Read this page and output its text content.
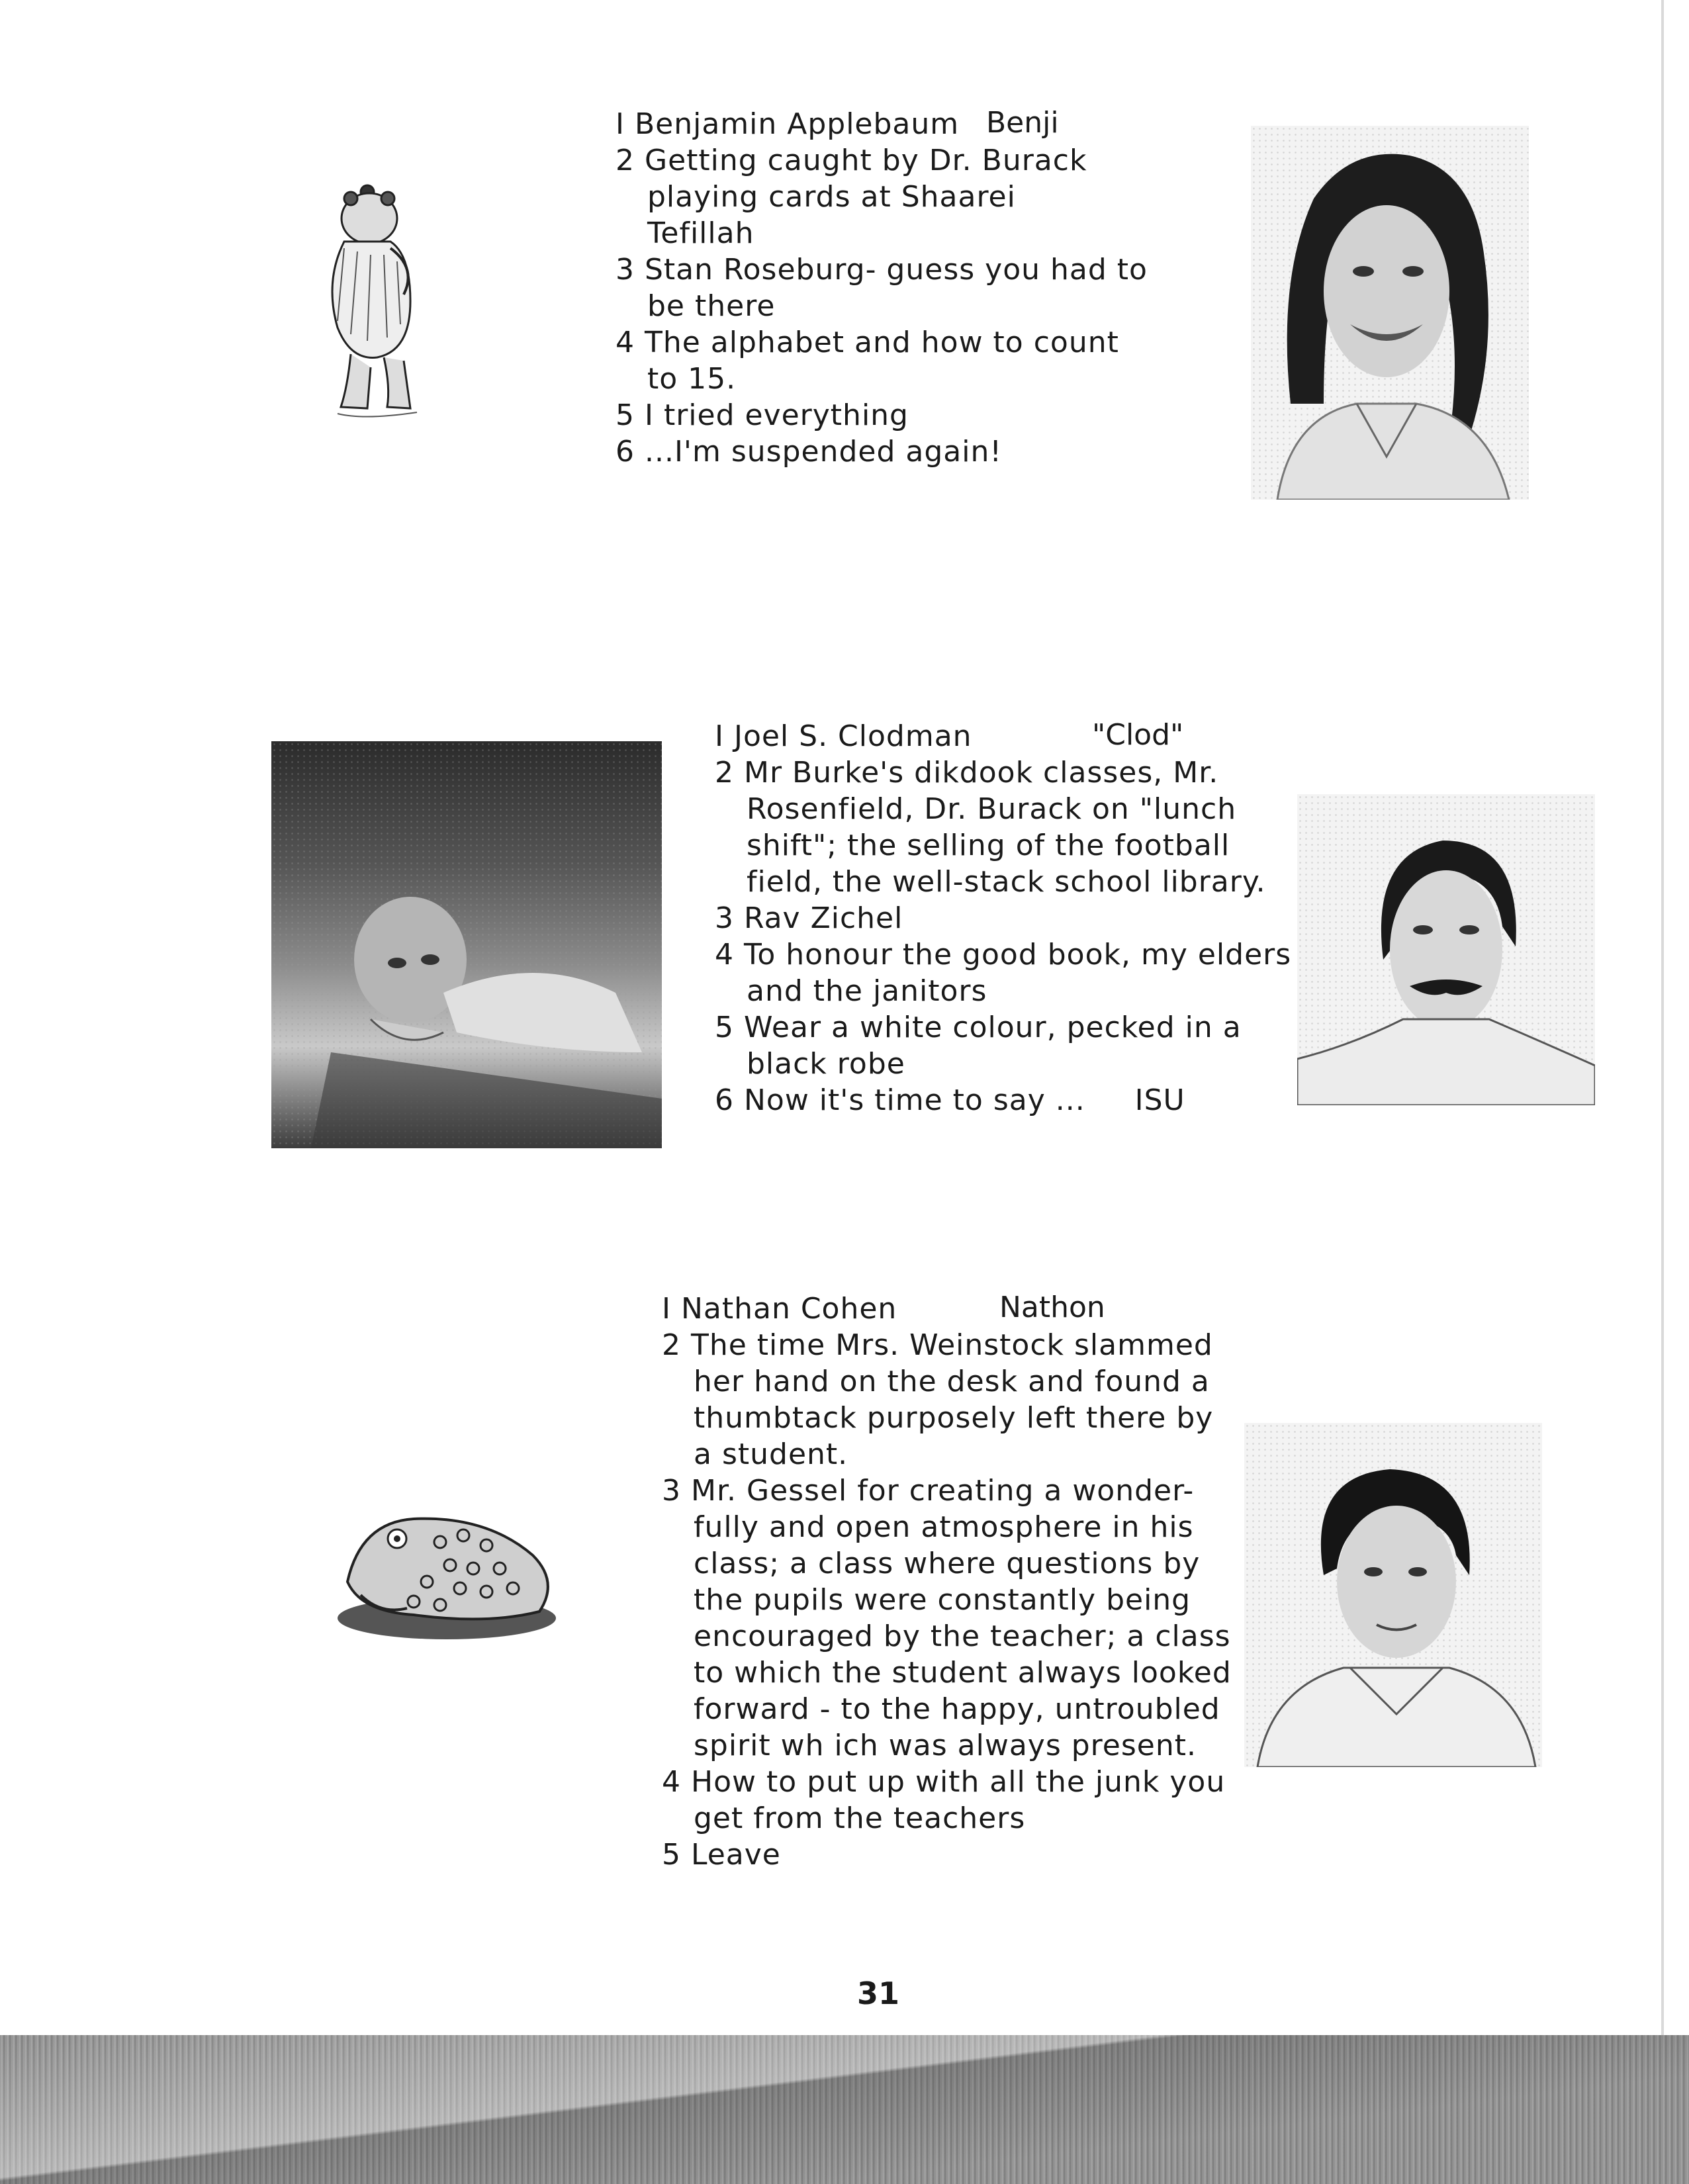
I Benjamin Applebaum
2 Getting caught by Dr. Burack
playing cards at Shaarei
Tefillah
3 Stan Roseburg- guess you had to
be there
4 The alphabet and how to count
to 15.
5 I tried everything
6 ...I'm suspended again!
Benji
I Joel S. Clodman
2 Mr Burke's dikdook classes, Mr.
Rosenfield, Dr. Burack on "lunch
shift"; the selling of the football
field, the well-stack school library.
3 Rav Zichel
4 To honour the good book, my elders
and the janitors
5 Wear a white colour, pecked in a
black robe
6 Now it's time to say ...     ISU
"Clod"
I Nathan Cohen
2 The time Mrs. Weinstock slammed
her hand on the desk and found a
thumbtack purposely left there by
a student.
3 Mr. Gessel for creating a wonder-
fully and open atmosphere in his
class; a class where questions by
the pupils were constantly being
encouraged by the teacher; a class
to which the student always looked
forward - to the happy, untroubled
spirit wh ich was always present.
4 How to put up with all the junk you
get from the teachers
5 Leave
Nathon
31
